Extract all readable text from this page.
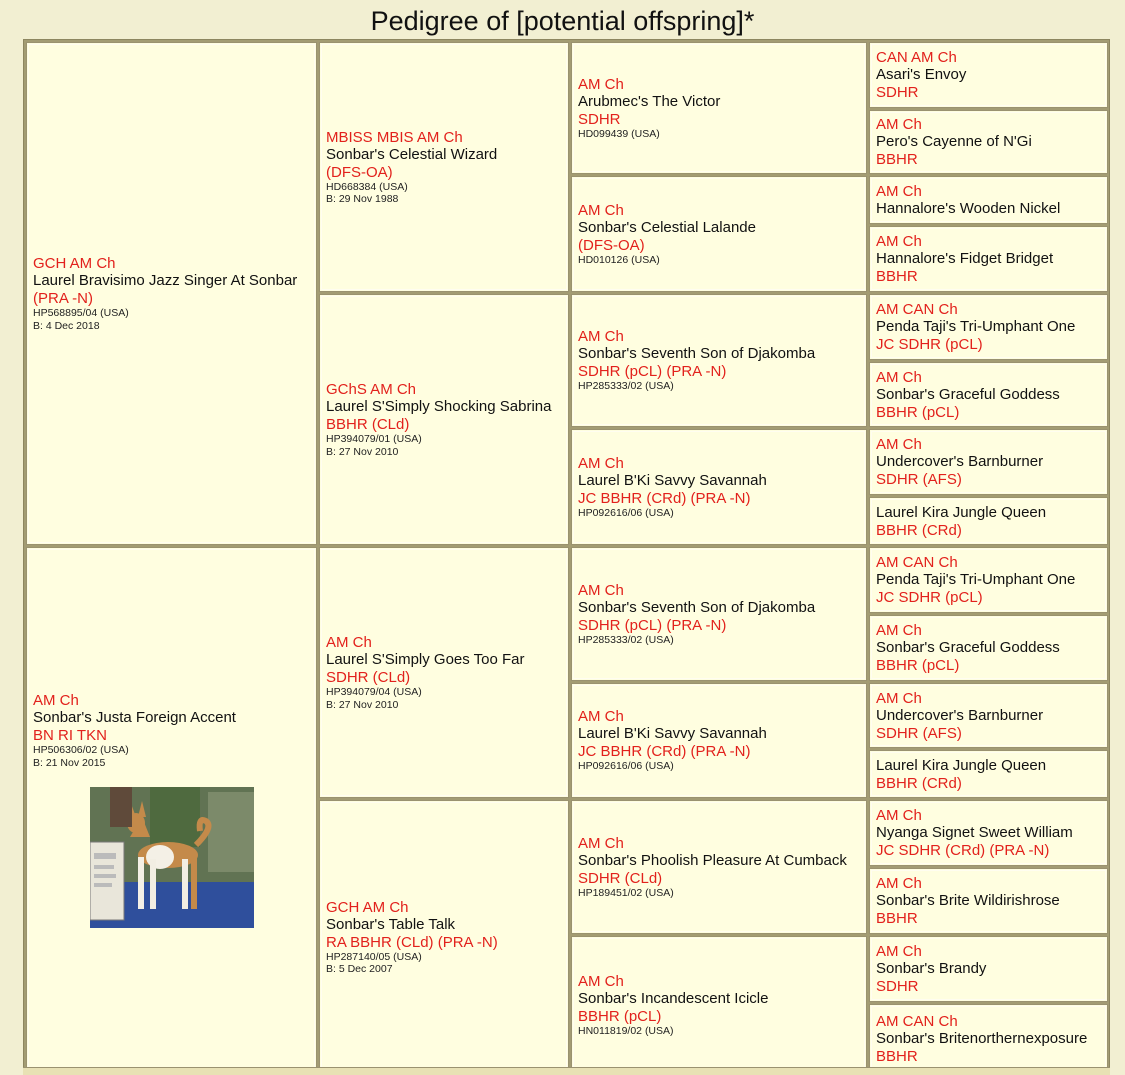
Pedigree of [potential offspring]*
GCH AM Ch
Laurel Bravisimo Jazz Singer At Sonbar
(PRA -N)
HP568895/04 (USA)
B: 4 Dec 2018
AM Ch
Sonbar's Justa Foreign Accent
BN RI TKN
HP506306/02 (USA)
B: 21 Nov 2015
MBISS MBIS AM Ch
Sonbar's Celestial Wizard
(DFS-OA)
HD668384 (USA)
B: 29 Nov 1988
GChS AM Ch
Laurel S'Simply Shocking Sabrina
BBHR (CLd)
HP394079/01 (USA)
B: 27 Nov 2010
AM Ch
Laurel S'Simply Goes Too Far
SDHR (CLd)
HP394079/04 (USA)
B: 27 Nov 2010
GCH AM Ch
Sonbar's Table Talk
RA BBHR (CLd) (PRA -N)
HP287140/05 (USA)
B: 5 Dec 2007
AM Ch
Arubmec's The Victor
SDHR
HD099439 (USA)
AM Ch
Sonbar's Celestial Lalande
(DFS-OA)
HD010126 (USA)
AM Ch
Sonbar's Seventh Son of Djakomba
SDHR (pCL) (PRA -N)
HP285333/02 (USA)
AM Ch
Laurel B'Ki Savvy Savannah
JC BBHR (CRd) (PRA -N)
HP092616/06 (USA)
AM Ch
Sonbar's Seventh Son of Djakomba
SDHR (pCL) (PRA -N)
HP285333/02 (USA)
AM Ch
Laurel B'Ki Savvy Savannah
JC BBHR (CRd) (PRA -N)
HP092616/06 (USA)
AM Ch
Sonbar's Phoolish Pleasure At Cumback
SDHR (CLd)
HP189451/02 (USA)
AM Ch
Sonbar's Incandescent Icicle
BBHR (pCL)
HN011819/02 (USA)
CAN AM Ch
Asari's Envoy
SDHR
AM Ch
Pero's Cayenne of N'Gi
BBHR
AM Ch
Hannalore's Wooden Nickel
AM Ch
Hannalore's Fidget Bridget
BBHR
AM CAN Ch
Penda Taji's Tri-Umphant One
JC SDHR (pCL)
AM Ch
Sonbar's Graceful Goddess
BBHR (pCL)
AM Ch
Undercover's Barnburner
SDHR (AFS)
Laurel Kira Jungle Queen
BBHR (CRd)
AM CAN Ch
Penda Taji's Tri-Umphant One
JC SDHR (pCL)
AM Ch
Sonbar's Graceful Goddess
BBHR (pCL)
AM Ch
Undercover's Barnburner
SDHR (AFS)
Laurel Kira Jungle Queen
BBHR (CRd)
AM Ch
Nyanga Signet Sweet William
JC SDHR (CRd) (PRA -N)
AM Ch
Sonbar's Brite Wildirishrose
BBHR
AM Ch
Sonbar's Brandy
SDHR
AM CAN Ch
Sonbar's Britenorthernexposure
BBHR
